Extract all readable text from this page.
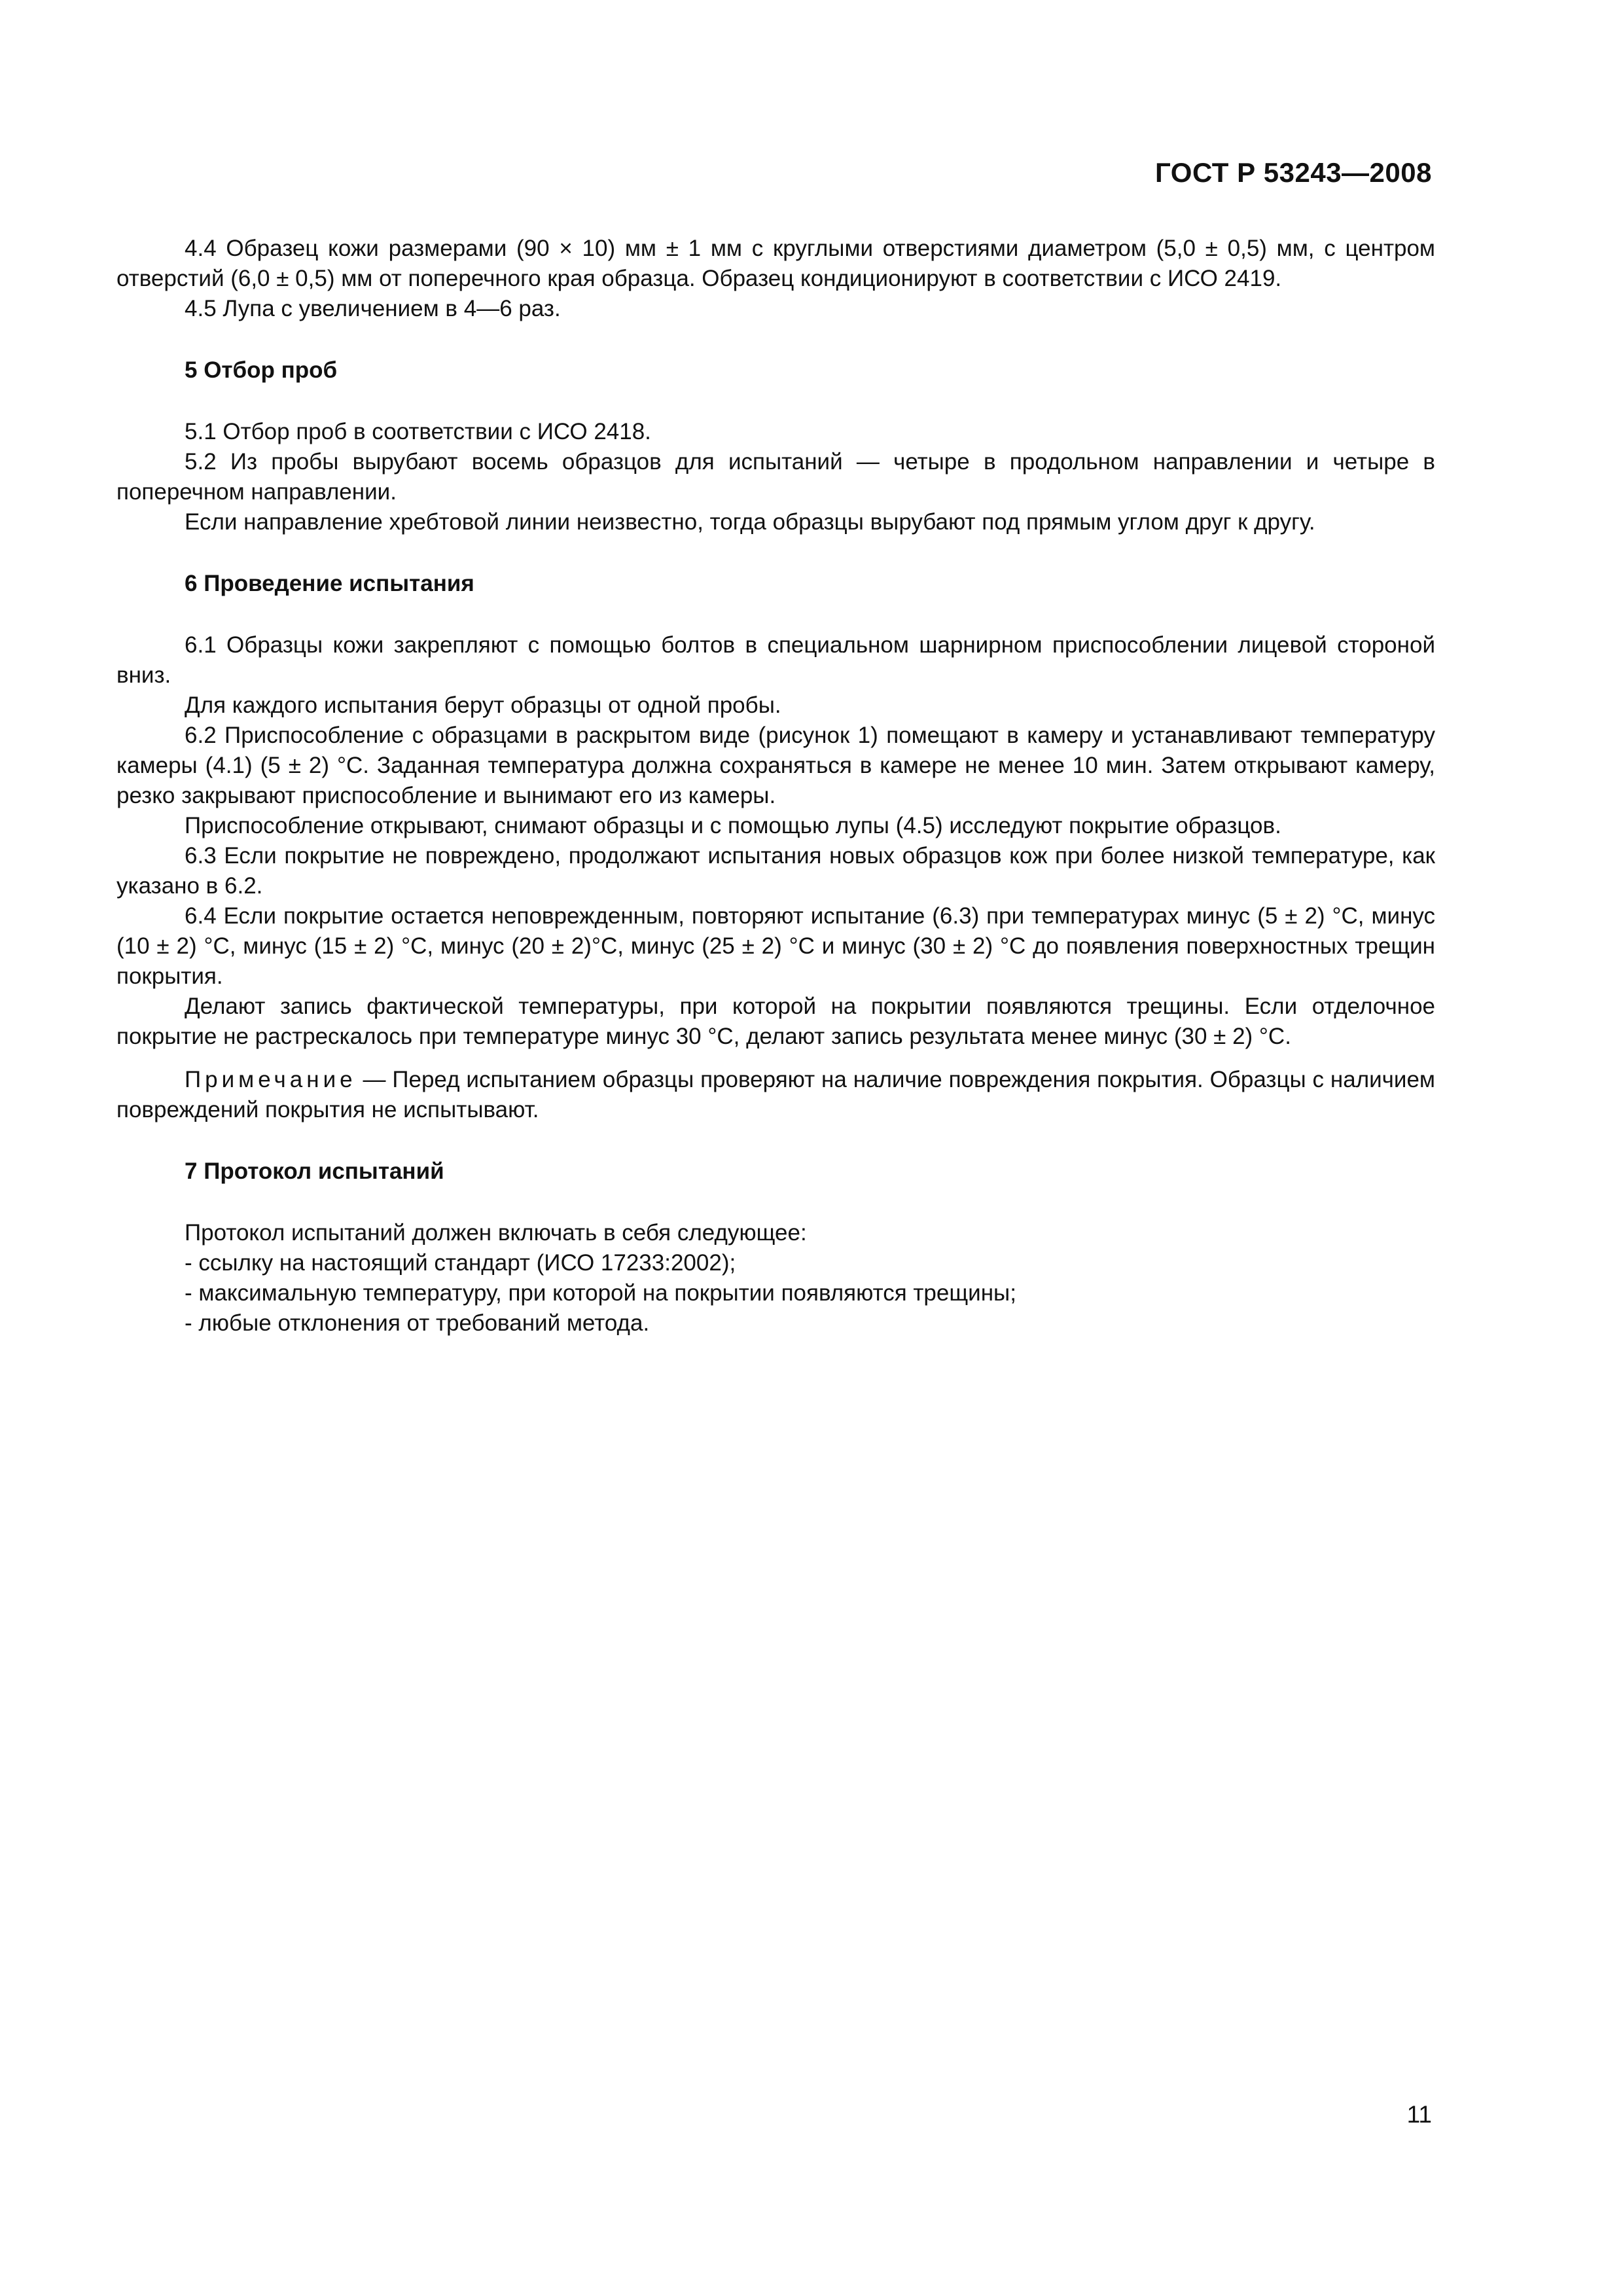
ГОСТ Р 53243—2008

4.4 Образец кожи размерами (90 × 10) мм ± 1 мм с круглыми отверстиями диаметром (5,0 ± 0,5) мм, с центром отверстий (6,0 ± 0,5) мм от поперечного края образца. Образец кондиционируют в соответствии с ИСО 2419.

4.5 Лупа с увеличением в 4—6 раз.

5 Отбор проб

5.1 Отбор проб в соответствии с ИСО 2418.

5.2 Из пробы вырубают восемь образцов для испытаний — четыре в продольном направлении и четыре в поперечном направлении.

Если направление хребтовой линии неизвестно, тогда образцы вырубают под прямым углом друг к другу.

6 Проведение испытания

6.1 Образцы кожи закрепляют с помощью болтов в специальном шарнирном приспособлении лицевой стороной вниз.

Для каждого испытания берут образцы от одной пробы.

6.2 Приспособление с образцами в раскрытом виде (рисунок 1) помещают в камеру и устанавливают температуру камеры (4.1) (5 ± 2) °С. Заданная температура должна сохраняться в камере не менее 10 мин. Затем открывают камеру, резко закрывают приспособление и вынимают его из камеры.

Приспособление открывают, снимают образцы и с помощью лупы (4.5) исследуют покрытие образцов.

6.3 Если покрытие не повреждено, продолжают испытания новых образцов кож при более низкой температуре, как указано в 6.2.

6.4 Если покрытие остается неповрежденным, повторяют испытание (6.3) при температурах минус (5 ± 2) °С, минус (10 ± 2) °С, минус (15 ± 2) °С, минус (20 ± 2)°С, минус (25 ± 2) °С и минус (30 ± 2) °С до появления поверхностных трещин покрытия.

Делают запись фактической температуры, при которой на покрытии появляются трещины. Если отделочное покрытие не растрескалось при температуре минус 30 °С, делают запись результата менее минус (30 ± 2) °С.

Примечание — Перед испытанием образцы проверяют на наличие повреждения покрытия. Образцы с наличием повреждений покрытия не испытывают.

7 Протокол испытаний

Протокол испытаний должен включать в себя следующее:

- ссылку на настоящий стандарт (ИСО 17233:2002);

- максимальную температуру, при которой на покрытии появляются трещины;

- любые отклонения от требований метода.

11
